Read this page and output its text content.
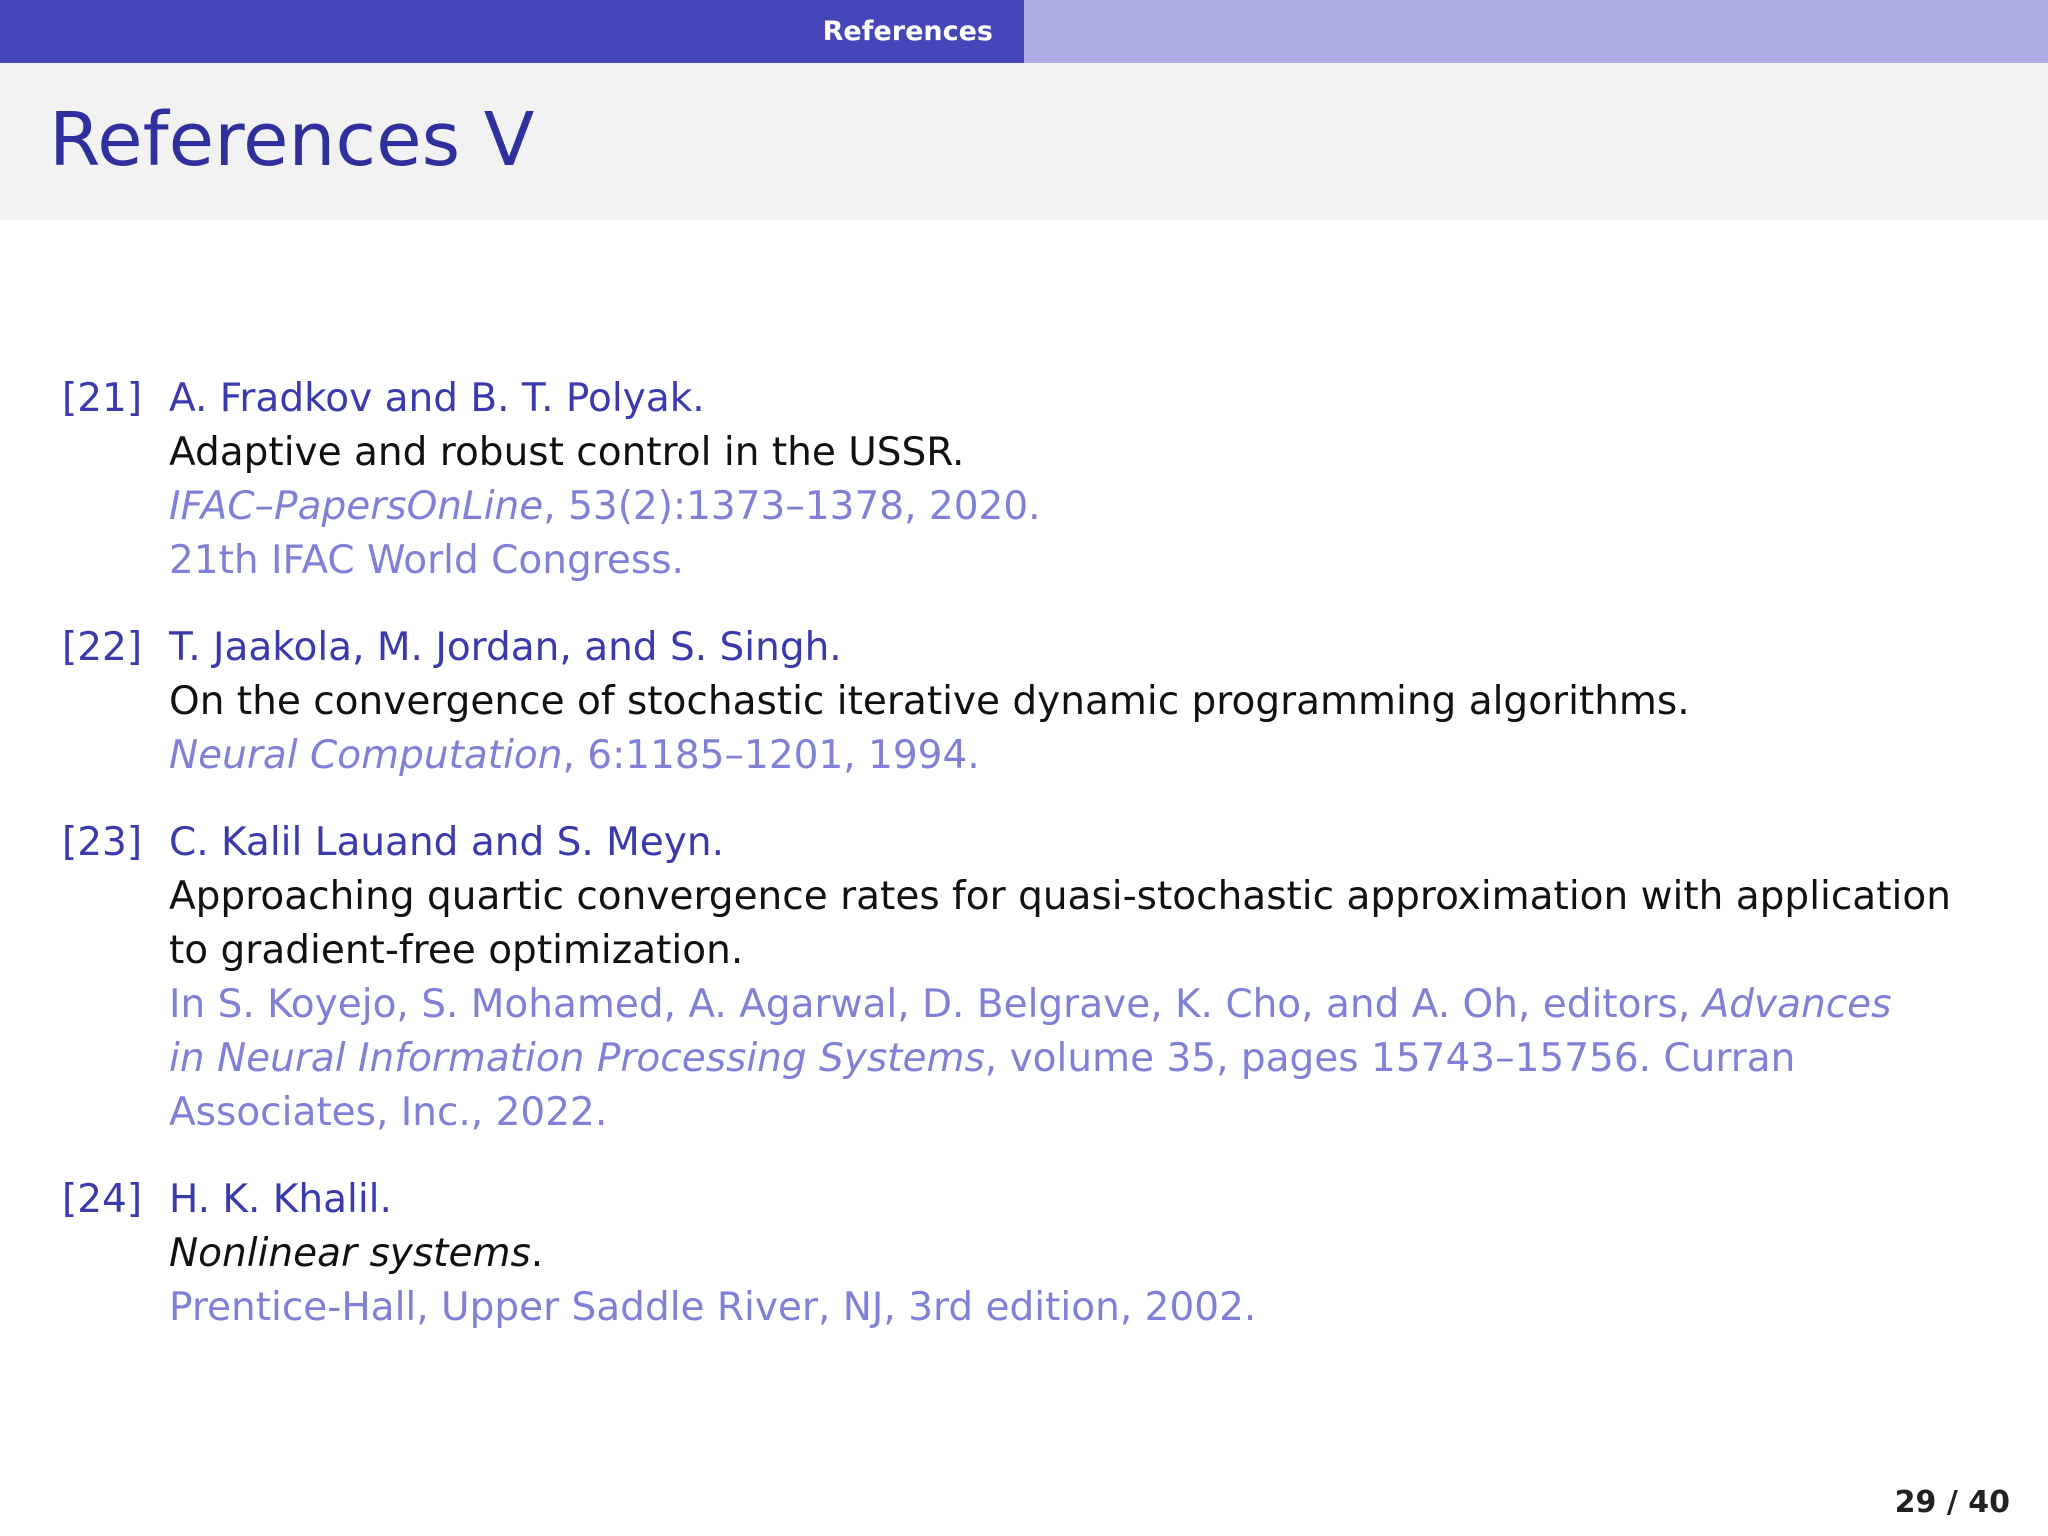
References
References V
[21] A. Fradkov and B. T. Polyak.
Adaptive and robust control in the USSR.
IFAC–PapersOnLine, 53(2):1373–1378, 2020.
21th IFAC World Congress.
[22] T. Jaakola, M. Jordan, and S. Singh.
On the convergence of stochastic iterative dynamic programming algorithms.
Neural Computation, 6:1185–1201, 1994.
[23] C. Kalil Lauand and S. Meyn.
Approaching quartic convergence rates for quasi-stochastic approximation with application
to gradient-free optimization.
In S. Koyejo, S. Mohamed, A. Agarwal, D. Belgrave, K. Cho, and A. Oh, editors, Advances
in Neural Information Processing Systems, volume 35, pages 15743–15756. Curran
Associates, Inc., 2022.
[24] H. K. Khalil.
Nonlinear systems.
Prentice-Hall, Upper Saddle River, NJ, 3rd edition, 2002.
29 / 40
